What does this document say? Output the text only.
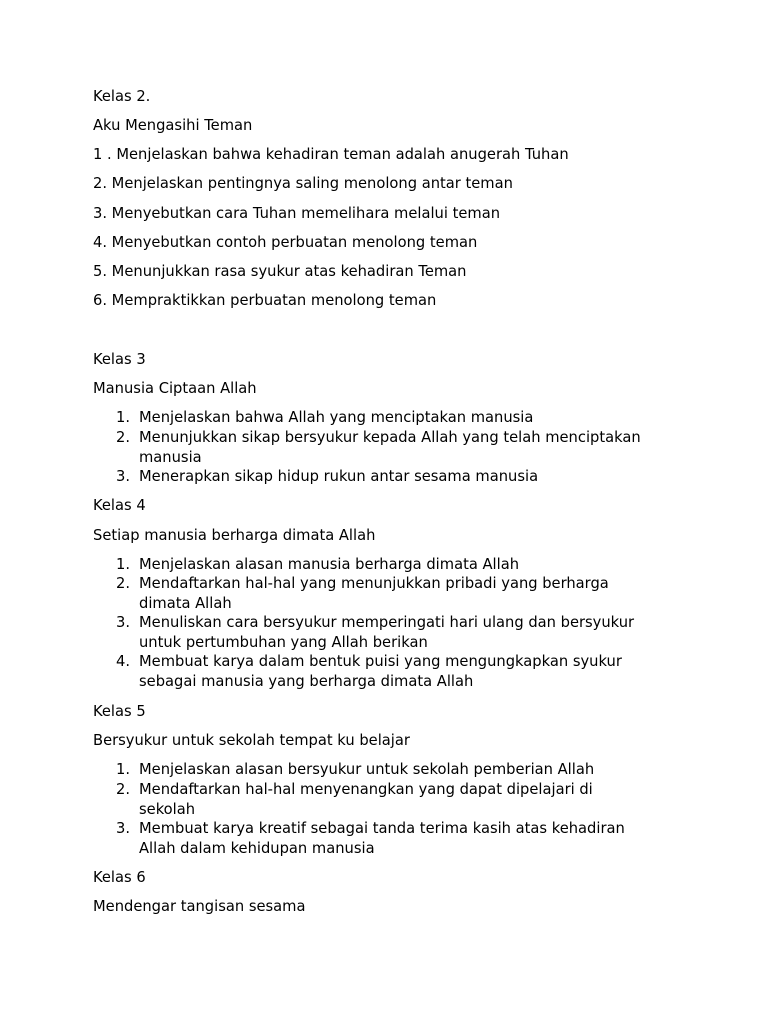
Kelas 2.
Aku Mengasihi Teman
1 . Menjelaskan bahwa kehadiran teman adalah anugerah Tuhan
2. Menjelaskan pentingnya saling menolong antar teman
3. Menyebutkan cara Tuhan memelihara melalui teman
4. Menyebutkan contoh perbuatan menolong teman
5. Menunjukkan rasa syukur atas kehadiran Teman
6. Mempraktikkan perbuatan menolong teman
Kelas 3
Manusia Ciptaan Allah
1. Menjelaskan bahwa Allah yang menciptakan manusia
2. Menunjukkan sikap bersyukur kepada Allah yang telah menciptakan
manusia
3. Menerapkan sikap hidup rukun antar sesama manusia
Kelas 4
Setiap manusia berharga dimata Allah
1. Menjelaskan alasan manusia berharga dimata Allah
2. Mendaftarkan hal-hal yang menunjukkan pribadi yang berharga
dimata Allah
3. Menuliskan cara bersyukur memperingati hari ulang dan bersyukur
untuk pertumbuhan yang Allah berikan
4. Membuat karya dalam bentuk puisi yang mengungkapkan syukur
sebagai manusia yang berharga dimata Allah
Kelas 5
Bersyukur untuk sekolah tempat ku belajar
1. Menjelaskan alasan bersyukur untuk sekolah pemberian Allah
2. Mendaftarkan hal-hal menyenangkan yang dapat dipelajari di
sekolah
3. Membuat karya kreatif sebagai tanda terima kasih atas kehadiran
Allah dalam kehidupan manusia
Kelas 6
Mendengar tangisan sesama
